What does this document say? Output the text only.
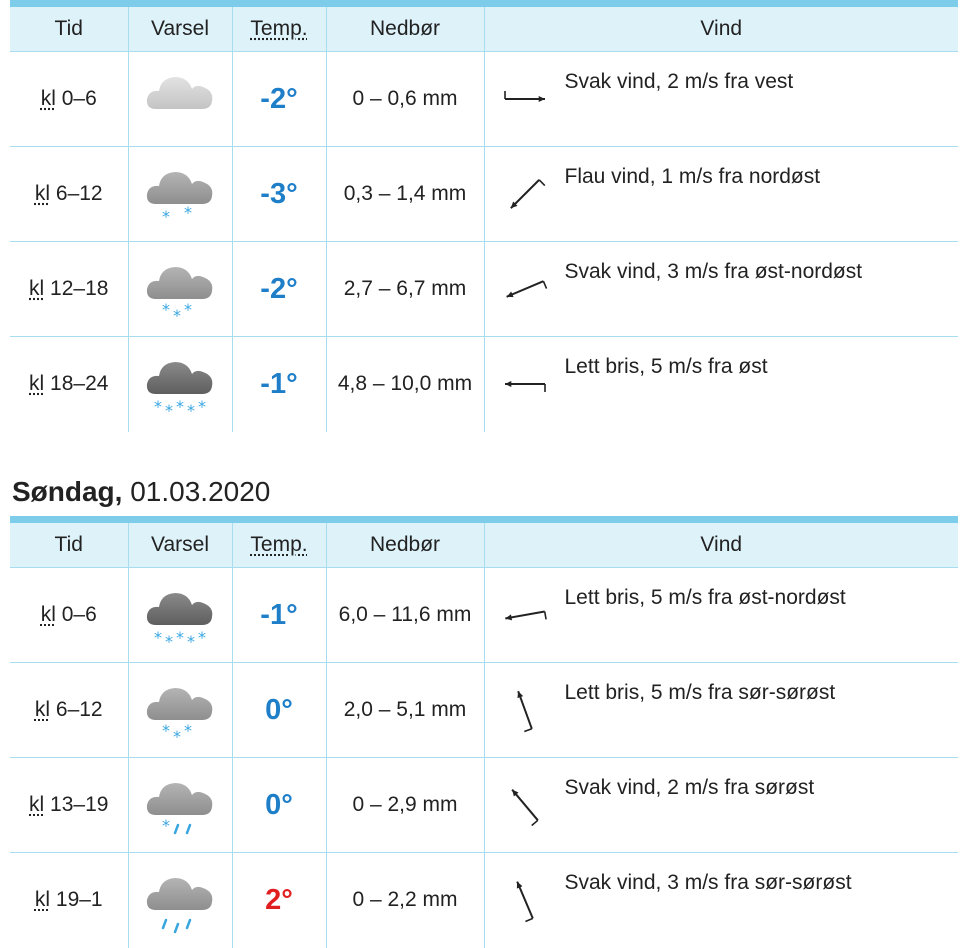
Tid	Varsel	Temp.	Nedbør	Vind
kl 0–6		-2°	0 – 0,6 mm	Svak vind, 2 m/s fra vest

kl 6–12	* *	-3°	0,3 – 1,4 mm	Flau vind, 1 m/s fra nordøst

kl 12–18	* * *	-2°	2,7 – 6,7 mm	Svak vind, 3 m/s fra øst-nordøst

kl 18–24	* * * * *	-1°	4,8 – 10,0 mm	Lett bris, 5 m/s fra øst
Søndag, 01.03.2020
Tid	Varsel	Temp.	Nedbør	Vind
kl 0–6	* * * * *	-1°	6,0 – 11,6 mm	Lett bris, 5 m/s fra øst-nordøst

kl 6–12	* * *	0°	2,0 – 5,1 mm	Lett bris, 5 m/s fra sør-sørøst

kl 13–19	*	0°	0 – 2,9 mm	Svak vind, 2 m/s fra sørøst

kl 19–1		2°	0 – 2,2 mm	Svak vind, 3 m/s fra sør-sørøst
